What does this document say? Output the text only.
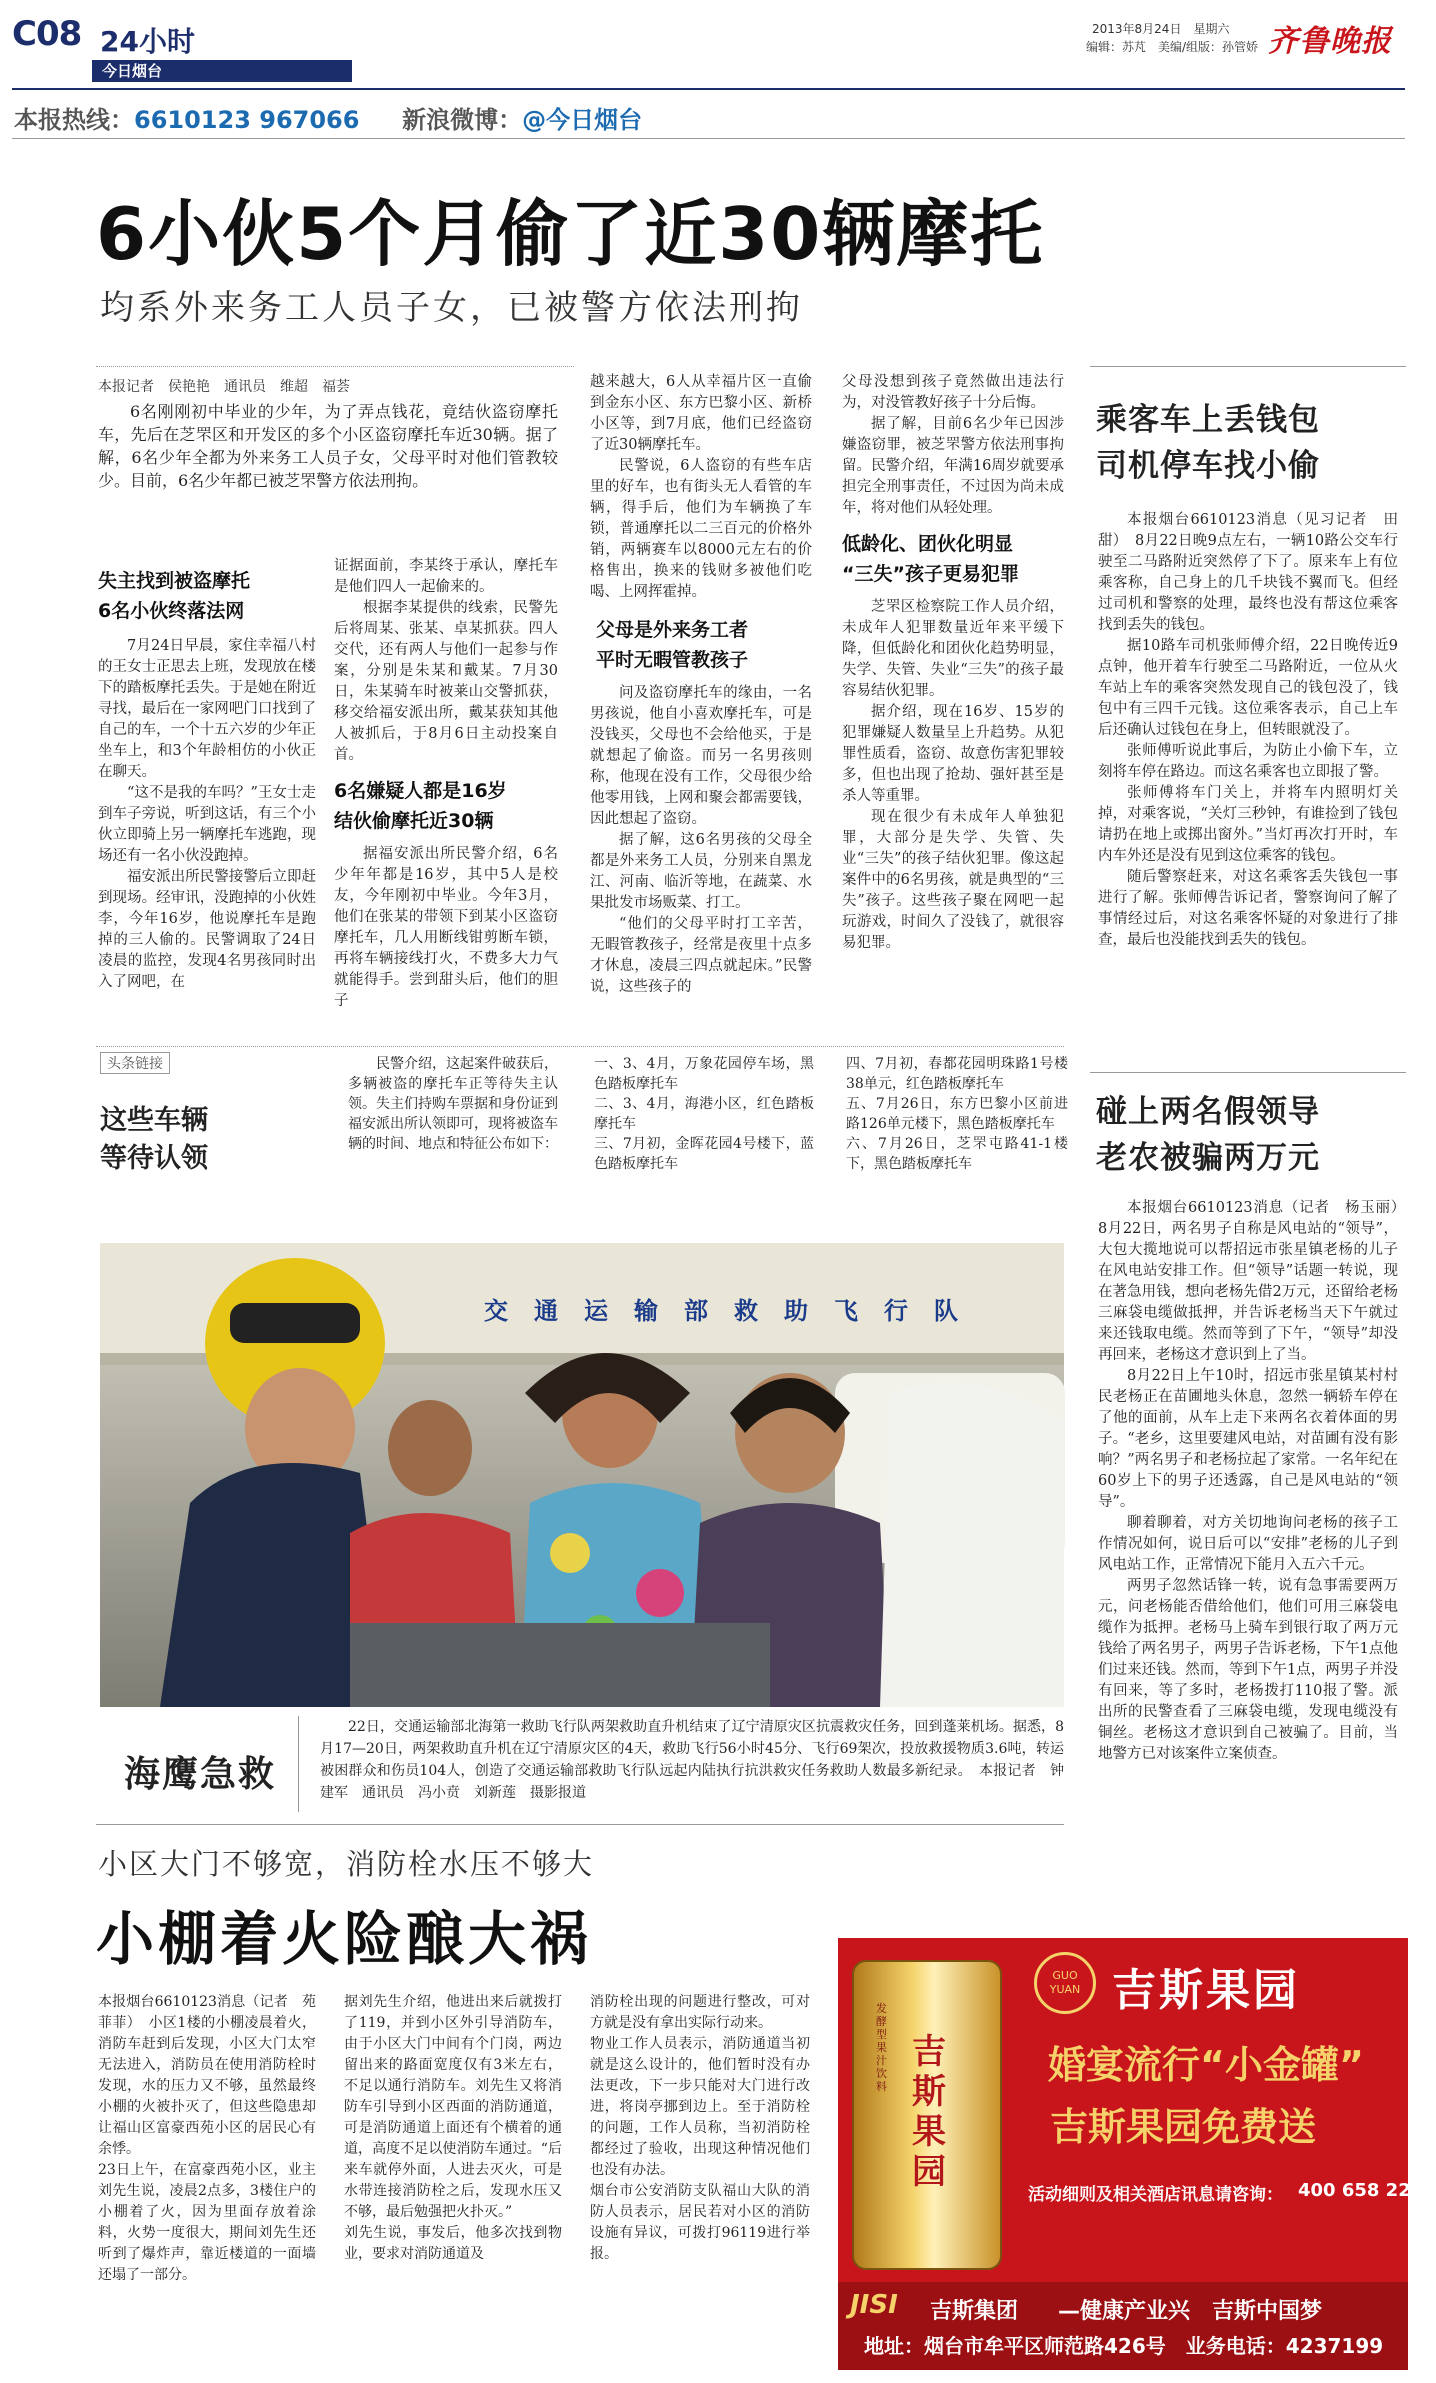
C08 24小时
今日烟台
2013年8月24日　星期六
编辑：苏芃　美编/组版：孙管娇 齐鲁晚报
本报热线：6610123 967066 新浪微博：@今日烟台
6小伙5个月偷了近30辆摩托
均系外来务工人员子女，已被警方依法刑拘
本报记者　侯艳艳　通讯员　维超　福荟

6名刚刚初中毕业的少年，为了弄点钱花，竟结伙盗窃摩托车，先后在芝罘区和开发区的多个小区盗窃摩托车近30辆。据了解，6名少年全都为外来务工人员子女，父母平时对他们管教较少。目前，6名少年都已被芝罘警方依法刑拘。

失主找到被盗摩托
6名小伙终落法网

7月24日早晨，家住幸福八村的王女士正思去上班，发现放在楼下的踏板摩托丢失。于是她在附近寻找，最后在一家网吧门口找到了自己的车，一个十五六岁的少年正坐车上，和3个年龄相仿的小伙正在聊天。

“这不是我的车吗？”王女士走到车子旁说，听到这话，有三个小伙立即骑上另一辆摩托车逃跑，现场还有一名小伙没跑掉。

福安派出所民警接警后立即赶到现场。经审讯，没跑掉的小伙姓李，今年16岁，他说摩托车是跑掉的三人偷的。民警调取了24日凌晨的监控，发现4名男孩同时出入了网吧，在

证据面前，李某终于承认，摩托车是他们四人一起偷来的。

根据李某提供的线索，民警先后将周某、张某、卓某抓获。四人交代，还有两人与他们一起参与作案，分别是朱某和戴某。7月30日，朱某骑车时被莱山交警抓获，移交给福安派出所，戴某获知其他人被抓后，于8月6日主动投案自首。

6名嫌疑人都是16岁
结伙偷摩托近30辆

据福安派出所民警介绍，6名少年年都是16岁，其中5人是校友，今年刚初中毕业。今年3月，他们在张某的带领下到某小区盗窃摩托车，几人用断线钳剪断车锁，再将车辆接线打火，不费多大力气就能得手。尝到甜头后，他们的胆子

越来越大，6人从幸福片区一直偷到金东小区、东方巴黎小区、新桥小区等，到7月底，他们已经盗窃了近30辆摩托车。

民警说，6人盗窃的有些车店里的好车，也有街头无人看管的车辆，得手后，他们为车辆换了车锁，普通摩托以二三百元的价格外销，两辆赛车以8000元左右的价格售出，换来的钱财多被他们吃喝、上网挥霍掉。

父母是外来务工者
平时无暇管教孩子

问及盗窃摩托车的缘由，一名男孩说，他自小喜欢摩托车，可是没钱买，父母也不会给他买，于是就想起了偷盗。而另一名男孩则称，他现在没有工作，父母很少给他零用钱，上网和聚会都需要钱，因此想起了盗窃。

据了解，这6名男孩的父母全都是外来务工人员，分别来自黑龙江、河南、临沂等地，在蔬菜、水果批发市场贩菜、打工。

“他们的父母平时打工辛苦，无暇管教孩子，经常是夜里十点多才休息，凌晨三四点就起床。”民警说，这些孩子的

父母没想到孩子竟然做出违法行为，对没管教好孩子十分后悔。

据了解，目前6名少年已因涉嫌盗窃罪，被芝罘警方依法刑事拘留。民警介绍，年满16周岁就要承担完全刑事责任，不过因为尚未成年，将对他们从轻处理。

低龄化、团伙化明显
“三失”孩子更易犯罪

芝罘区检察院工作人员介绍，未成年人犯罪数量近年来平缓下降，但低龄化和团伙化趋势明显，失学、失管、失业“三失”的孩子最容易结伙犯罪。

据介绍，现在16岁、15岁的犯罪嫌疑人数量呈上升趋势。从犯罪性质看，盗窃、故意伤害犯罪较多，但也出现了抢劫、强奸甚至是杀人等重罪。

现在很少有未成年人单独犯罪，大部分是失学、失管、失业“三失”的孩子结伙犯罪。像这起案件中的6名男孩，就是典型的“三失”孩子。这些孩子聚在网吧一起玩游戏，时间久了没钱了，就很容易犯罪。

头条链接
这些车辆
等待认领

民警介绍，这起案件破获后，多辆被盗的摩托车正等待失主认领。失主们持购车票据和身份证到福安派出所认领即可，现将被盗车辆的时间、地点和特征公布如下：

一、3、4月，万象花园停车场，黑色踏板摩托车
二、3、4月，海港小区，红色踏板摩托车
三、7月初，金晖花园4号楼下，蓝色踏板摩托车
四、7月初，春都花园明珠路1号楼38单元，红色踏板摩托车
五、7月26日，东方巴黎小区前进路126单元楼下，黑色踏板摩托车
六、7月26日，芝罘屯路41-1楼下，黑色踏板摩托车
交通运输部救助飞行队
海鹰急救

22日，交通运输部北海第一救助飞行队两架救助直升机结束了辽宁清原灾区抗震救灾任务，回到蓬莱机场。据悉，8月17—20日，两架救助直升机在辽宁清原灾区的4天，救助飞行56小时45分、飞行69架次，投放救援物质3.6吨，转运被困群众和伤员104人，创造了交通运输部救助飞行队远起内陆执行抗洪救灾任务救助人数最多新纪录。　本报记者　钟建军　通讯员　冯小贲　刘新莲　摄影报道

乘客车上丢钱包
司机停车找小偷

本报烟台6610123消息（见习记者　田甜）　8月22日晚9点左右，一辆10路公交车行驶至二马路附近突然停了下了。原来车上有位乘客称，自己身上的几千块钱不翼而飞。但经过司机和警察的处理，最终也没有帮这位乘客找到丢失的钱包。

据10路车司机张师傅介绍，22日晚传近9点钟，他开着车行驶至二马路附近，一位从火车站上车的乘客突然发现自己的钱包没了，钱包中有三四千元钱。这位乘客表示，自己上车后还确认过钱包在身上，但转眼就没了。

张师傅听说此事后，为防止小偷下车，立刻将车停在路边。而这名乘客也立即报了警。

张师傅将车门关上，并将车内照明灯关掉，对乘客说，“关灯三秒钟，有谁捡到了钱包请扔在地上或掷出窗外。”当灯再次打开时，车内车外还是没有见到这位乘客的钱包。

随后警察赶来，对这名乘客丢失钱包一事进行了解。张师傅告诉记者，警察询问了解了事情经过后，对这名乘客怀疑的对象进行了排查，最后也没能找到丢失的钱包。

碰上两名假领导
老农被骗两万元

本报烟台6610123消息（记者　杨玉丽）　8月22日，两名男子自称是风电站的“领导”，大包大揽地说可以帮招远市张星镇老杨的儿子在风电站安排工作。但“领导”话题一转说，现在著急用钱，想向老杨先借2万元，还留给老杨三麻袋电缆做抵押，并告诉老杨当天下午就过来还钱取电缆。然而等到了下午，“领导”却没再回来，老杨这才意识到上了当。

8月22日上午10时，招远市张星镇某村村民老杨正在苗圃地头休息，忽然一辆轿车停在了他的面前，从车上走下来两名衣着体面的男子。“老乡，这里要建风电站，对苗圃有没有影响？”两名男子和老杨拉起了家常。一名年纪在60岁上下的男子还透露，自己是风电站的“领导”。

聊着聊着，对方关切地询问老杨的孩子工作情况如何，说日后可以“安排”老杨的儿子到风电站工作，正常情况下能月入五六千元。

两男子忽然话锋一转，说有急事需要两万元，问老杨能否借给他们，他们可用三麻袋电缆作为抵押。老杨马上骑车到银行取了两万元钱给了两名男子，两男子告诉老杨，下午1点他们过来还钱。然而，等到下午1点，两男子并没有回来，等了多时，老杨拨打110报了警。派出所的民警查看了三麻袋电缆，发现电缆没有铜丝。老杨这才意识到自己被骗了。目前，当地警方已对该案件立案侦查。

小区大门不够宽，消防栓水压不够大
小棚着火险酿大祸
本报烟台6610123消息（记者　苑菲菲）　小区1楼的小棚凌晨着火，消防车赶到后发现，小区大门太窄无法进入，消防员在使用消防栓时发现，水的压力又不够，虽然最终小棚的火被扑灭了，但这些隐患却让福山区富豪西苑小区的居民心有余悸。
23日上午，在富豪西苑小区，业主刘先生说，凌晨2点多，3楼住户的小棚着了火，因为里面存放着涂料，火势一度很大，期间刘先生还听到了爆炸声，靠近楼道的一面墙还塌了一部分。
据刘先生介绍，他进出来后就拨打了119，并到小区外引导消防车，由于小区大门中间有个门岗，两边留出来的路面宽度仅有3米左右，不足以通行消防车。刘先生又将消防车引导到小区西面的消防通道，可是消防通道上面还有个横着的通道，高度不足以使消防车通过。“后来车就停外面，人进去灭火，可是水带连接消防栓之后，发现水压又不够，最后勉强把火扑灭。”
刘先生说，事发后，他多次找到物业，要求对消防通道及
消防栓出现的问题进行整改，可对方就是没有拿出实际行动来。
物业工作人员表示，消防通道当初就是这么设计的，他们暂时没有办法更改，下一步只能对大门进行改进，将岗亭挪到边上。至于消防栓的问题，工作人员称，当初消防栓都经过了验收，出现这种情况他们也没有办法。
烟台市公安消防支队福山大队的消防人员表示，居民若对小区的消防设施有异议，可拨打96119进行举报。
GUO
YUAN 吉斯果园
婚宴流行“小金罐”
吉斯果园免费送
吉斯果园
发酵型果汁饮料
活动细则及相关酒店讯息请咨询： 400 658 2211
JISI 吉斯集团 —健康产业兴　吉斯中国梦
地址：烟台市牟平区师范路426号　业务电话：4237199
